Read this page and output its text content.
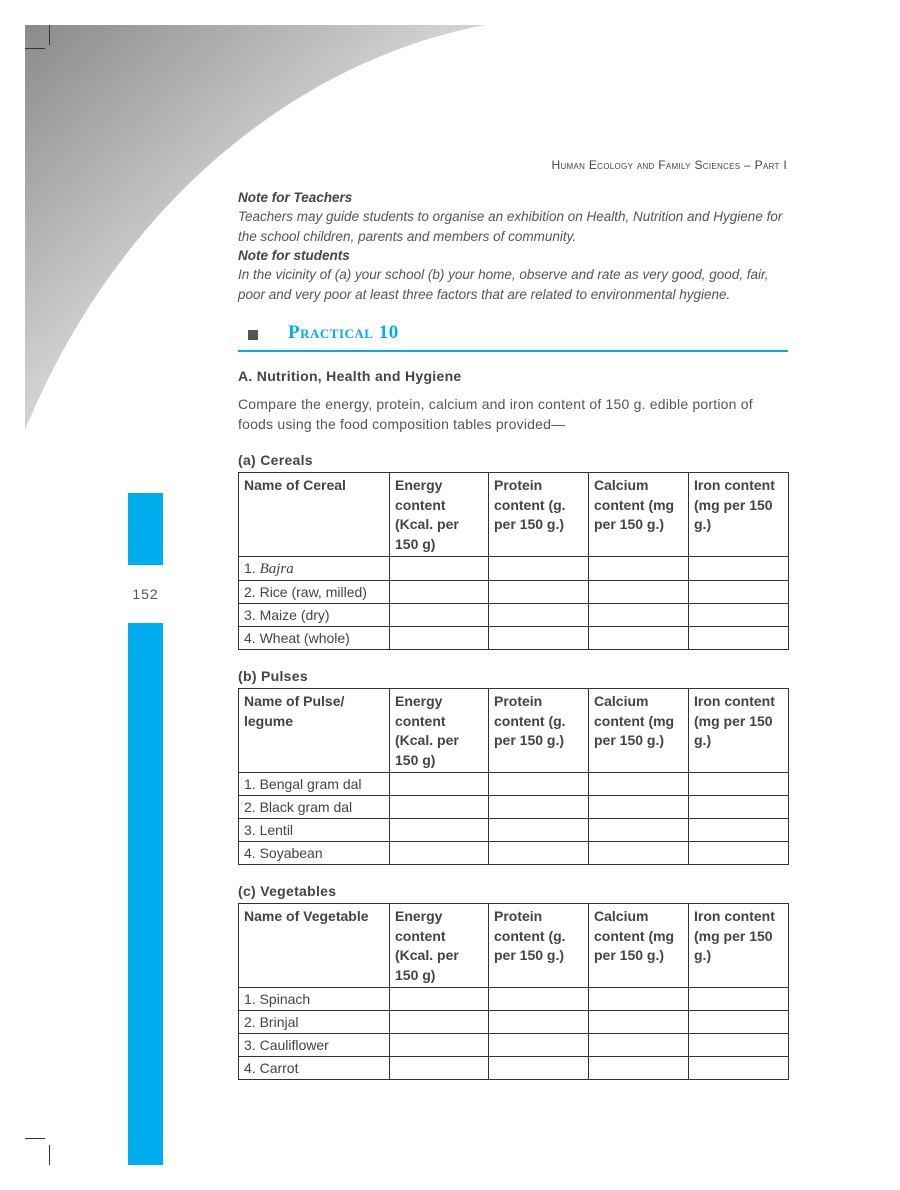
152
Human Ecology and Family Sciences – Part I
Note for Teachers
Teachers may guide students to organise an exhibition on Health, Nutrition and Hygiene for the school children, parents and members of community.
Note for students
In the vicinity of (a) your school (b) your home, observe and rate as very good, good, fair, poor and very poor at least three factors that are related to environmental hygiene.
Practical 10
A. Nutrition, Health and Hygiene
Compare the energy, protein, calcium and iron content of 150 g. edible portion of foods using the food composition tables provided—
(a) Cereals
Name of Cereal	Energy content (Kcal. per 150 g)	Protein content (g. per 150 g.)	Calcium content (mg per 150 g.)	Iron content (mg per 150 g.)
1. Bajra				
2. Rice (raw, milled)				
3. Maize (dry)				
4. Wheat (whole)				
(b) Pulses
Name of Pulse/ legume	Energy content (Kcal. per 150 g)	Protein content (g. per 150 g.)	Calcium content (mg per 150 g.)	Iron content (mg per 150 g.)
1. Bengal gram dal				
2. Black gram dal				
3. Lentil				
4. Soyabean				
(c) Vegetables
Name of Vegetable	Energy content (Kcal. per 150 g)	Protein content (g. per 150 g.)	Calcium content (mg per 150 g.)	Iron content (mg per 150 g.)
1. Spinach				
2. Brinjal				
3. Cauliflower				
4. Carrot				
